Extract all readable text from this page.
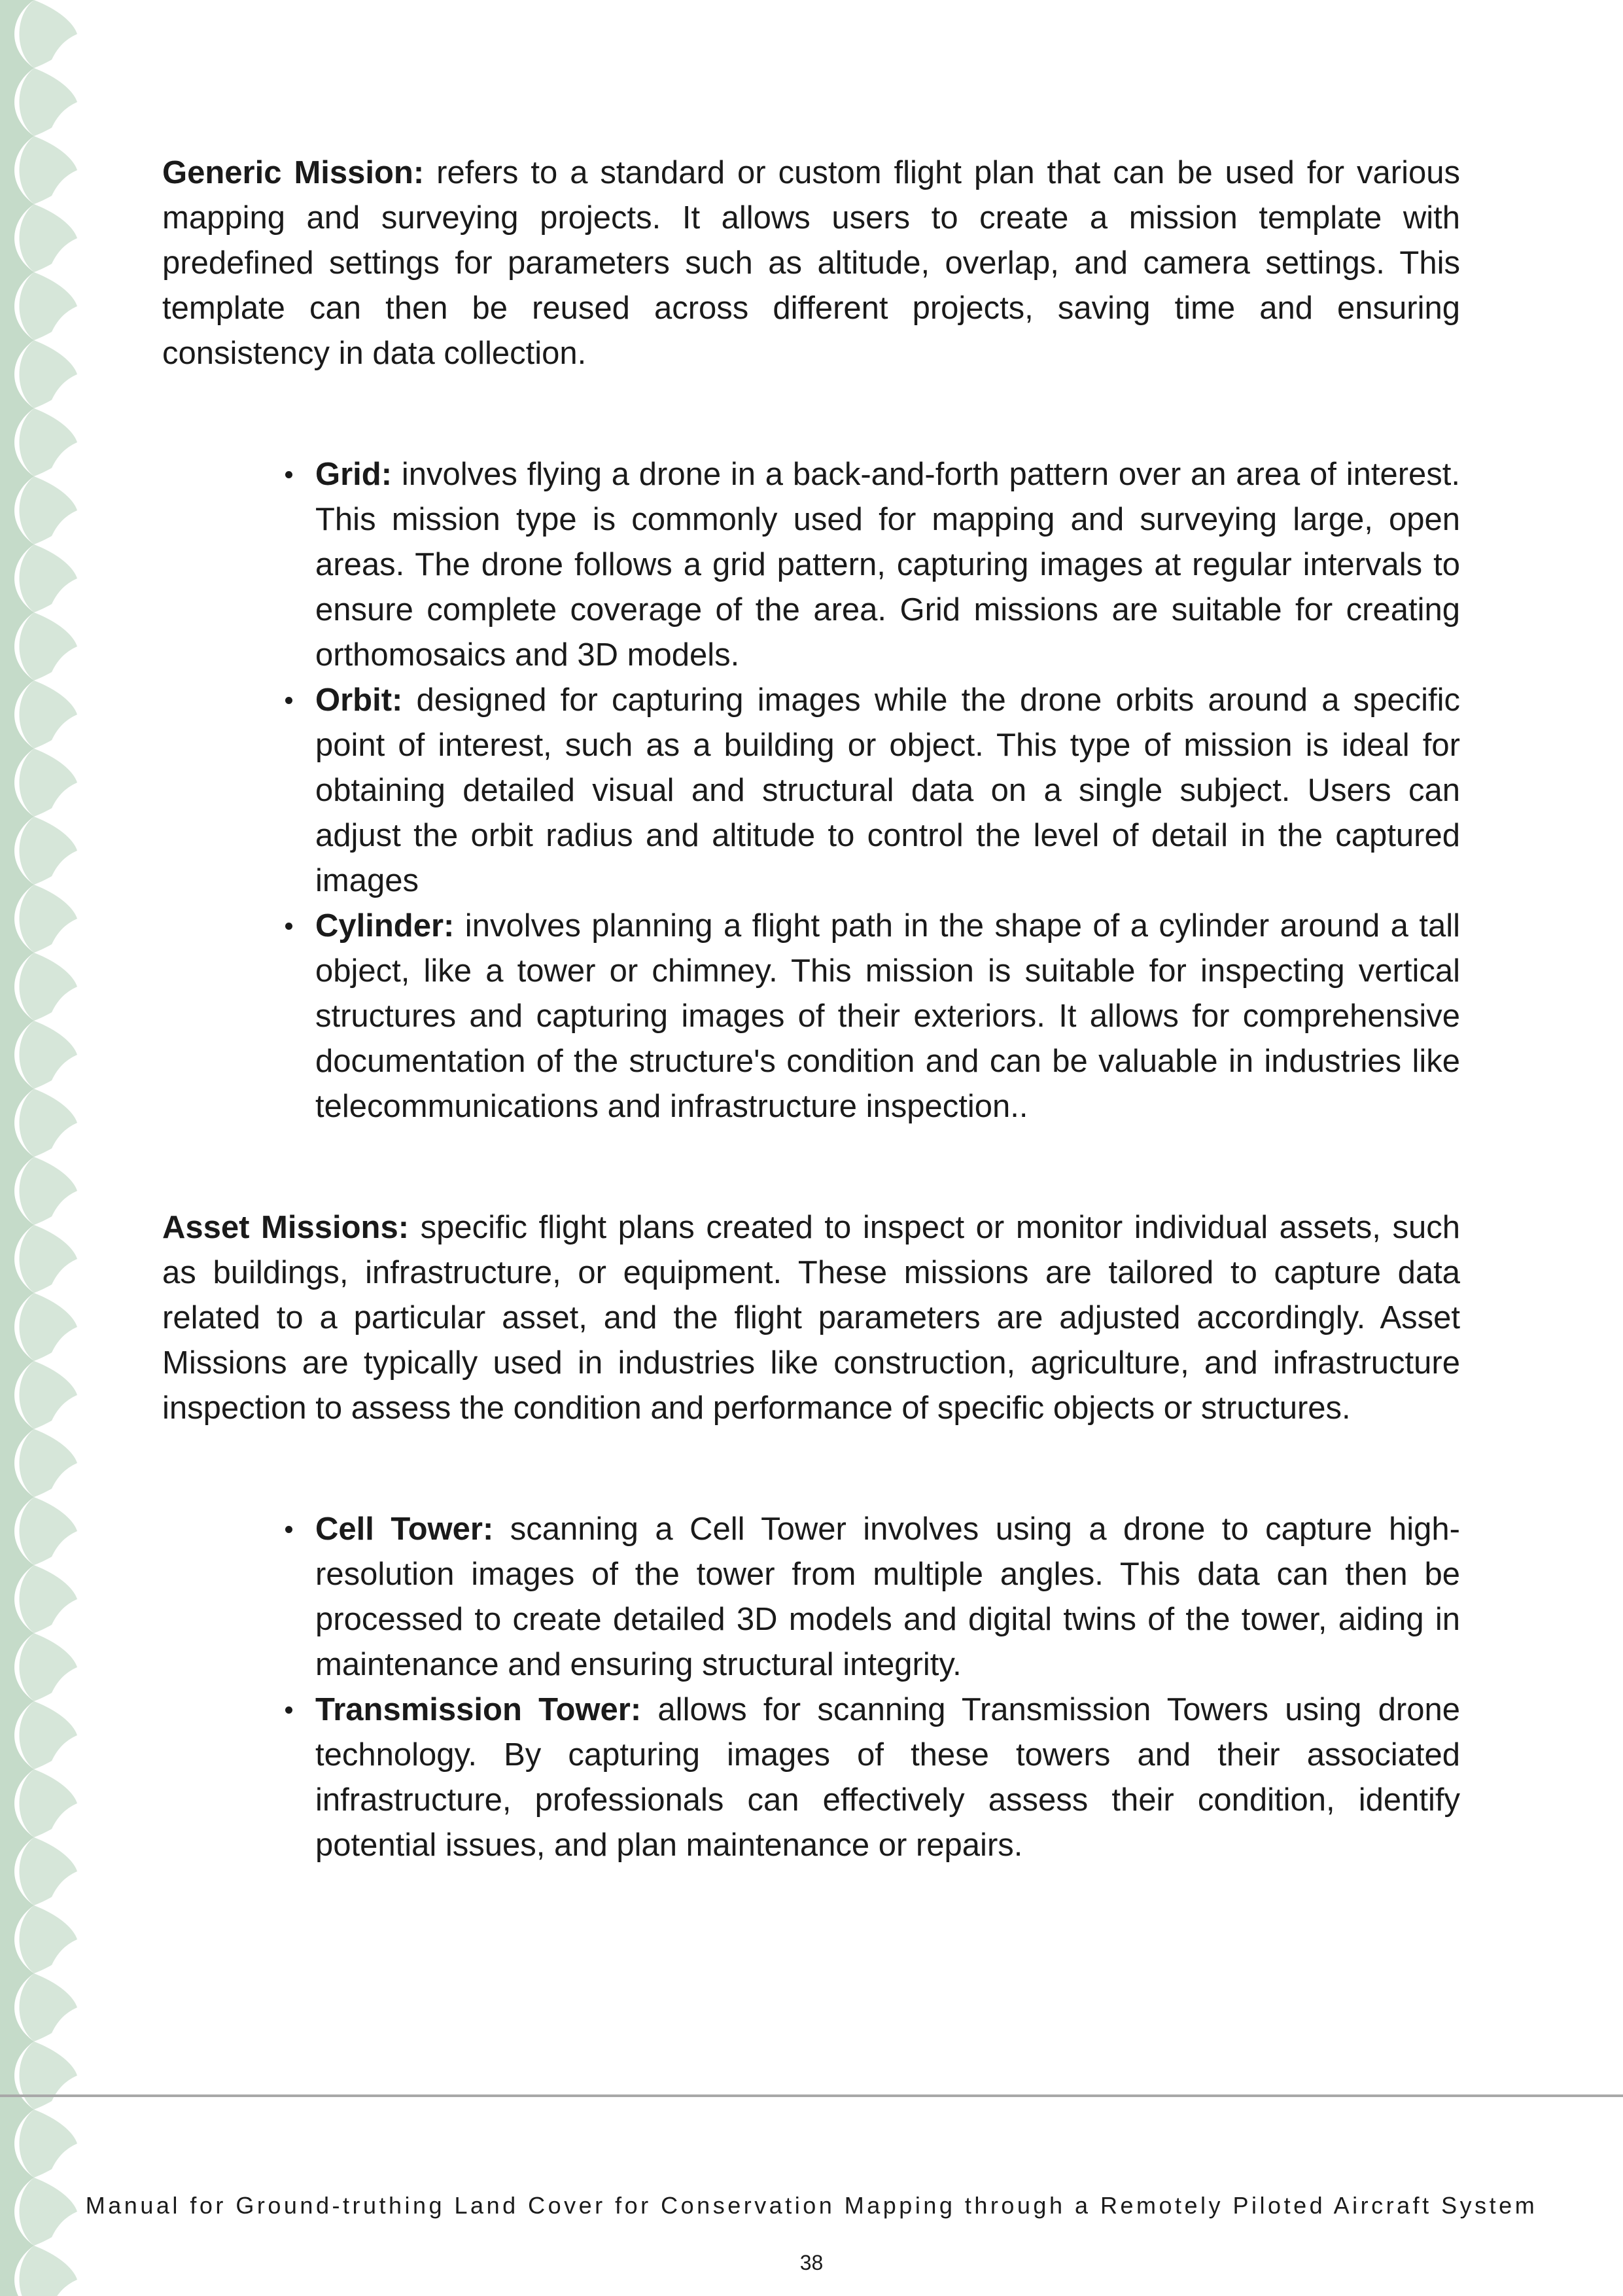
Generic Mission: refers to a standard or custom flight plan that can be used for various mapping and surveying projects. It allows users to create a mission template with predefined settings for parameters such as altitude, overlap, and camera settings. This template can then be reused across different projects, saving time and ensuring consistency in data collection.

Grid: involves flying a drone in a back-and-forth pattern over an area of interest. This mission type is commonly used for mapping and surveying large, open areas. The drone follows a grid pattern, capturing images at regular intervals to ensure complete coverage of the area. Grid missions are suitable for creating orthomosaics and 3D models.
Orbit: designed for capturing images while the drone orbits around a specific point of interest, such as a building or object. This type of mission is ideal for obtaining detailed visual and structural data on a single subject. Users can adjust the orbit radius and altitude to control the level of detail in the captured images
Cylinder: involves planning a flight path in the shape of a cylinder around a tall object, like a tower or chimney. This mission is suitable for inspecting vertical structures and capturing images of their exteriors. It allows for comprehensive documentation of the structure's condition and can be valuable in industries like telecommunications and infrastructure inspection..

Asset Missions: specific flight plans created to inspect or monitor individual assets, such as buildings, infrastructure, or equipment. These missions are tailored to capture data related to a particular asset, and the flight parameters are adjusted accordingly. Asset Missions are typically used in industries like construction, agriculture, and infrastructure inspection to assess the condition and performance of specific objects or structures.

Cell Tower: scanning a Cell Tower involves using a drone to capture high-resolution images of the tower from multiple angles. This data can then be processed to create detailed 3D models and digital twins of the tower, aiding in maintenance and ensuring structural integrity.
Transmission Tower: allows for scanning Transmission Towers using drone technology. By capturing images of these towers and their associated infrastructure, professionals can effectively assess their condition, identify potential issues, and plan maintenance or repairs.
Manual for Ground-truthing Land Cover for Conservation Mapping through a Remotely Piloted Aircraft System
38
